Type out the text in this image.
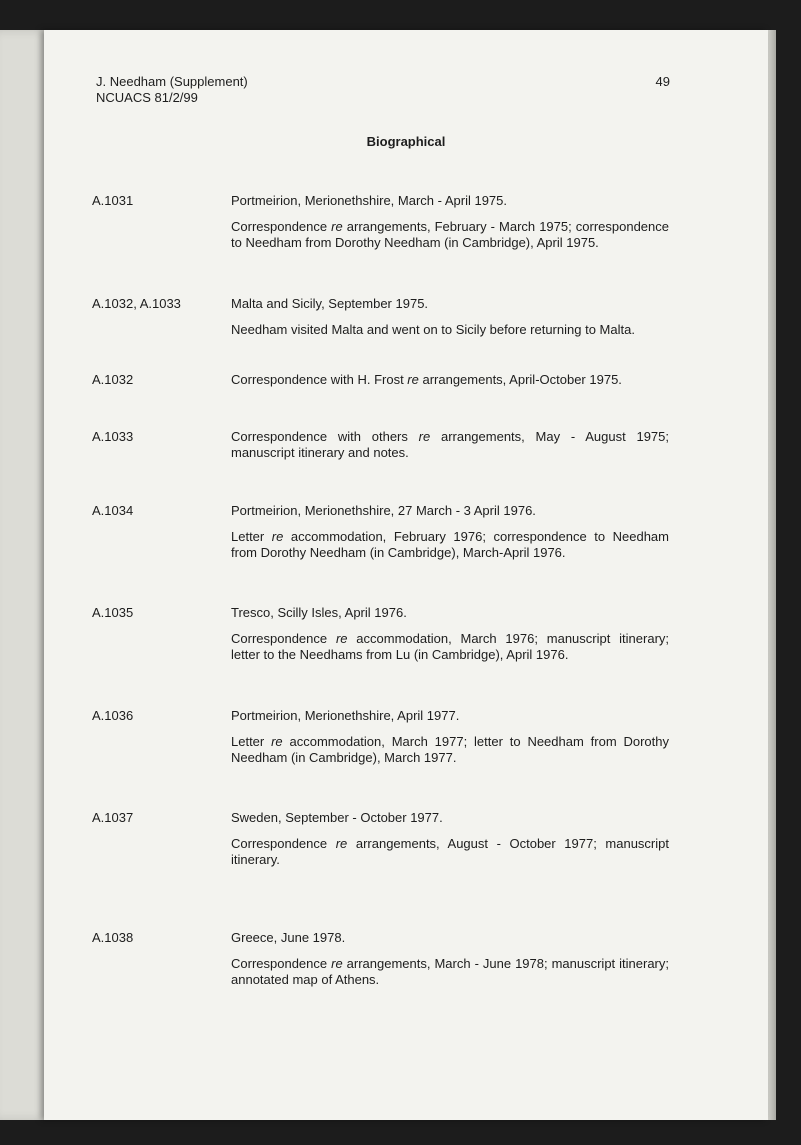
J. Needham (Supplement)
NCUACS 81/2/99
49
Biographical
A.1031	Portmeirion, Merionethshire, March - April 1975.

Correspondence re arrangements, February - March 1975; correspondence to Needham from Dorothy Needham (in Cambridge), April 1975.

A.1032, A.1033	Malta and Sicily, September 1975.

Needham visited Malta and went on to Sicily before returning to Malta.

A.1032	Correspondence with H. Frost re arrangements, April-October 1975.

A.1033	Correspondence with others re arrangements, May - August 1975; manuscript itinerary and notes.

A.1034	Portmeirion, Merionethshire, 27 March - 3 April 1976.

Letter re accommodation, February 1976; correspondence to Needham from Dorothy Needham (in Cambridge), March-April 1976.

A.1035	Tresco, Scilly Isles, April 1976.

Correspondence re accommodation, March 1976; manuscript itinerary; letter to the Needhams from Lu (in Cambridge), April 1976.

A.1036	Portmeirion, Merionethshire, April 1977.

Letter re accommodation, March 1977; letter to Needham from Dorothy Needham (in Cambridge), March 1977.

A.1037	Sweden, September - October 1977.

Correspondence re arrangements, August - October 1977; manuscript itinerary.

A.1038	Greece, June 1978.

Correspondence re arrangements, March - June 1978; manuscript itinerary; annotated map of Athens.
